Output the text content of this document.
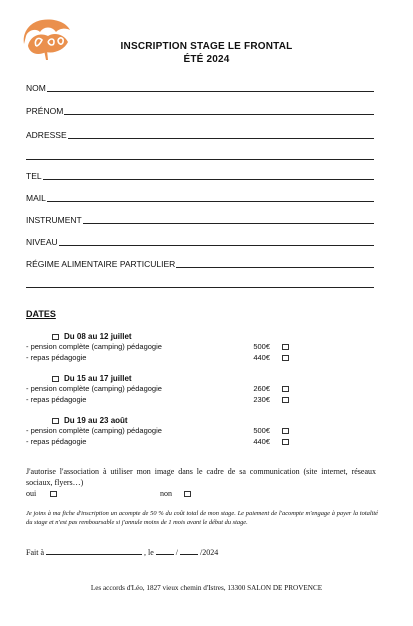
INSCRIPTION STAGE LE FRONTAL
ÉTÉ 2024
NOM
PRÉNOM
ADRESSE
TEL
MAIL
INSTRUMENT
NIVEAU
RÉGIME ALIMENTAIRE PARTICULIER
DATES
Du 08 au 12 juillet
- pension complète (camping) pédagogie	500€
- repas pédagogie	440€
Du 15 au 17 juillet
- pension complète (camping) pédagogie	260€
- repas pédagogie	230€
Du 19 au 23 août
- pension complète (camping) pédagogie	500€
- repas pédagogie	440€
J'autorise l'association à utiliser mon image dans le cadre de sa communication (site internet, réseaux sociaux, flyers…)
oui	non
Je joins à ma fiche d'inscription un acompte de 50 % du coût total de mon stage. Le paiement de l'acompte m'engage à payer la totalité du stage et n'est pas remboursable si j'annule moins de 1 mois avant le début du stage.
Fait à	, le	/	/ 2024
Les accords d'Léo, 1827 vieux chemin d'Istres, 13300 SALON DE PROVENCE
